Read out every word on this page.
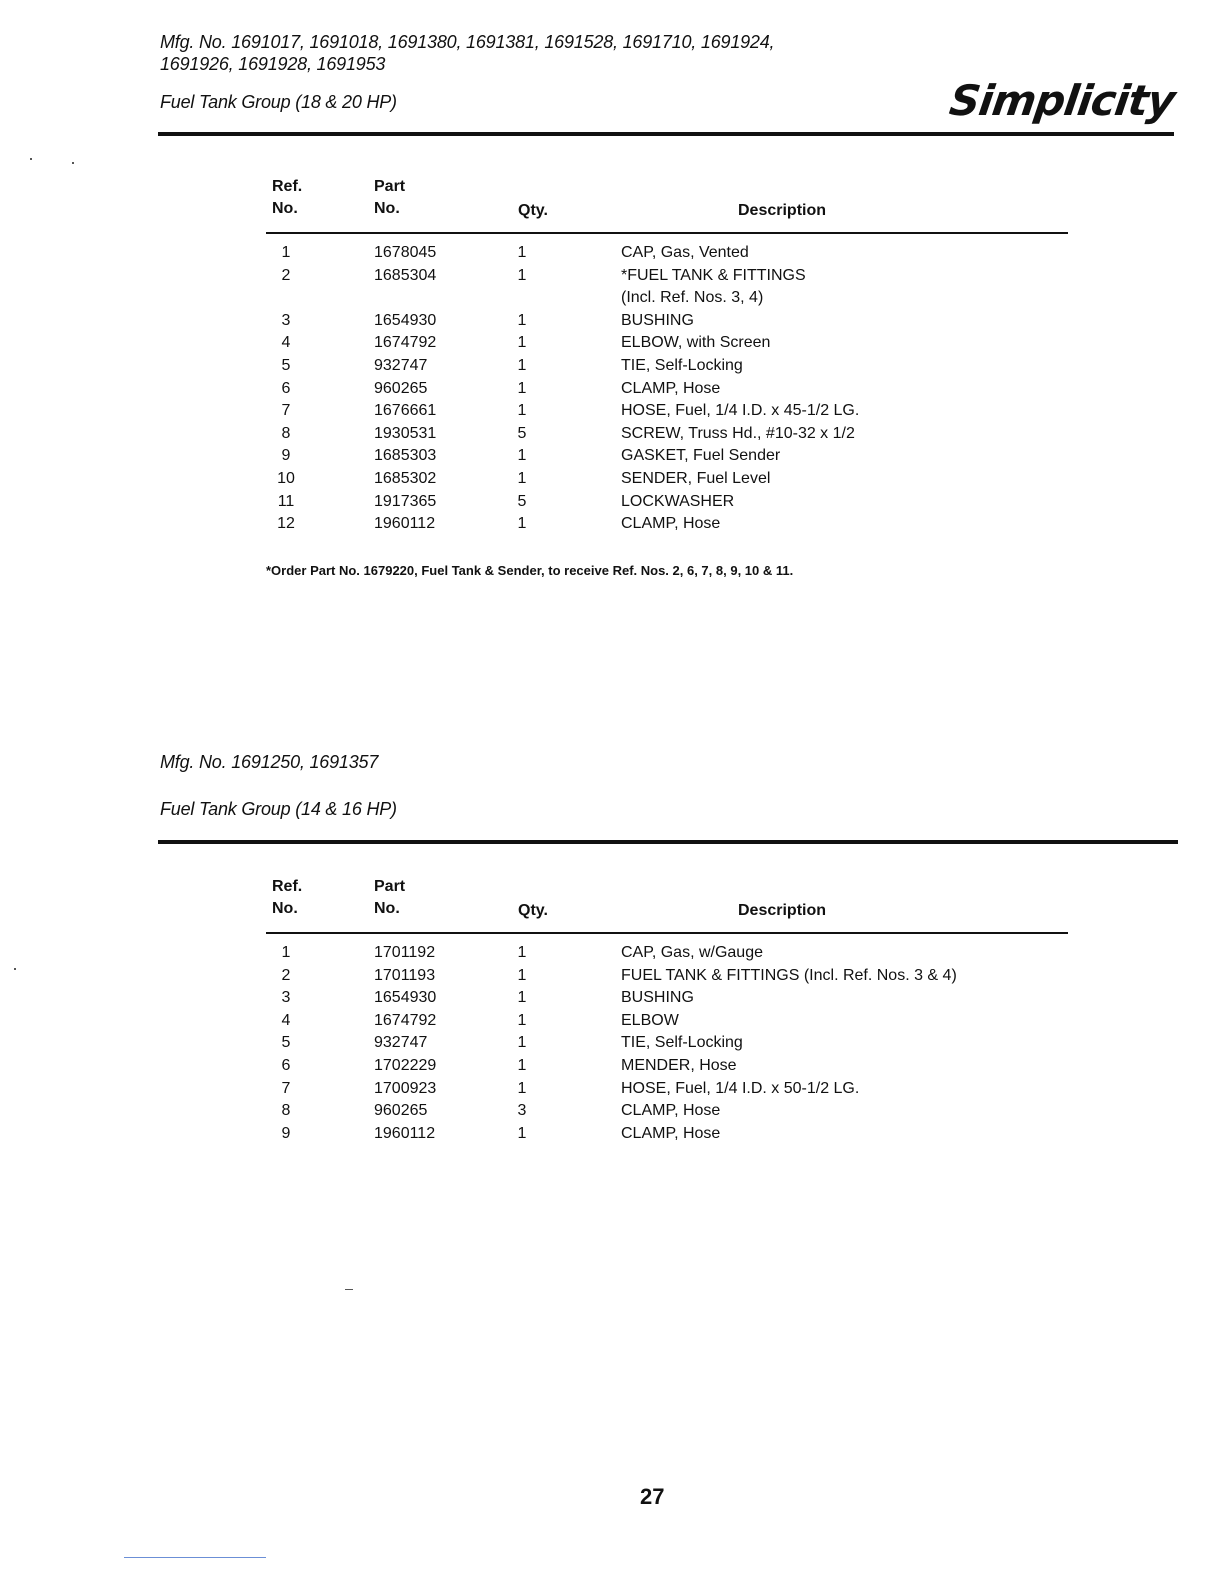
Mfg. No. 1691017, 1691018, 1691380, 1691381, 1691528, 1691710, 1691924,
1691926, 1691928, 1691953
Fuel Tank Group (18 & 20 HP)	Simplicity
Ref.
No.
Part
No.	Qty.	Description
1	1678045	1	CAP, Gas, Vented
2	1685304	1	*FUEL TANK & FITTINGS
(Incl. Ref. Nos. 3, 4)
3	1654930	1	BUSHING
4	1674792	1	ELBOW, with Screen
5	932747	1	TIE, Self-Locking
6	960265	1	CLAMP, Hose
7	1676661	1	HOSE, Fuel, 1/4 I.D. x 45-1/2 LG.
8	1930531	5	SCREW, Truss Hd., #10-32 x 1/2
9	1685303	1	GASKET, Fuel Sender
10	1685302	1	SENDER, Fuel Level
11	1917365	5	LOCKWASHER
12	1960112	1	CLAMP, Hose
*Order Part No. 1679220, Fuel Tank & Sender, to receive Ref. Nos. 2, 6, 7, 8, 9, 10 & 11.
Mfg. No. 1691250, 1691357
Fuel Tank Group (14 & 16 HP)
Ref.
No.
Part
No.	Qty.	Description
1	1701192	1	CAP, Gas, w/Gauge
2	1701193	1	FUEL TANK & FITTINGS (Incl. Ref. Nos. 3 & 4)
3	1654930	1	BUSHING
4	1674792	1	ELBOW
5	932747	1	TIE, Self-Locking
6	1702229	1	MENDER, Hose
7	1700923	1	HOSE, Fuel, 1/4 I.D. x 50-1/2 LG.
8	960265	3	CLAMP, Hose
9	1960112	1	CLAMP, Hose
27
